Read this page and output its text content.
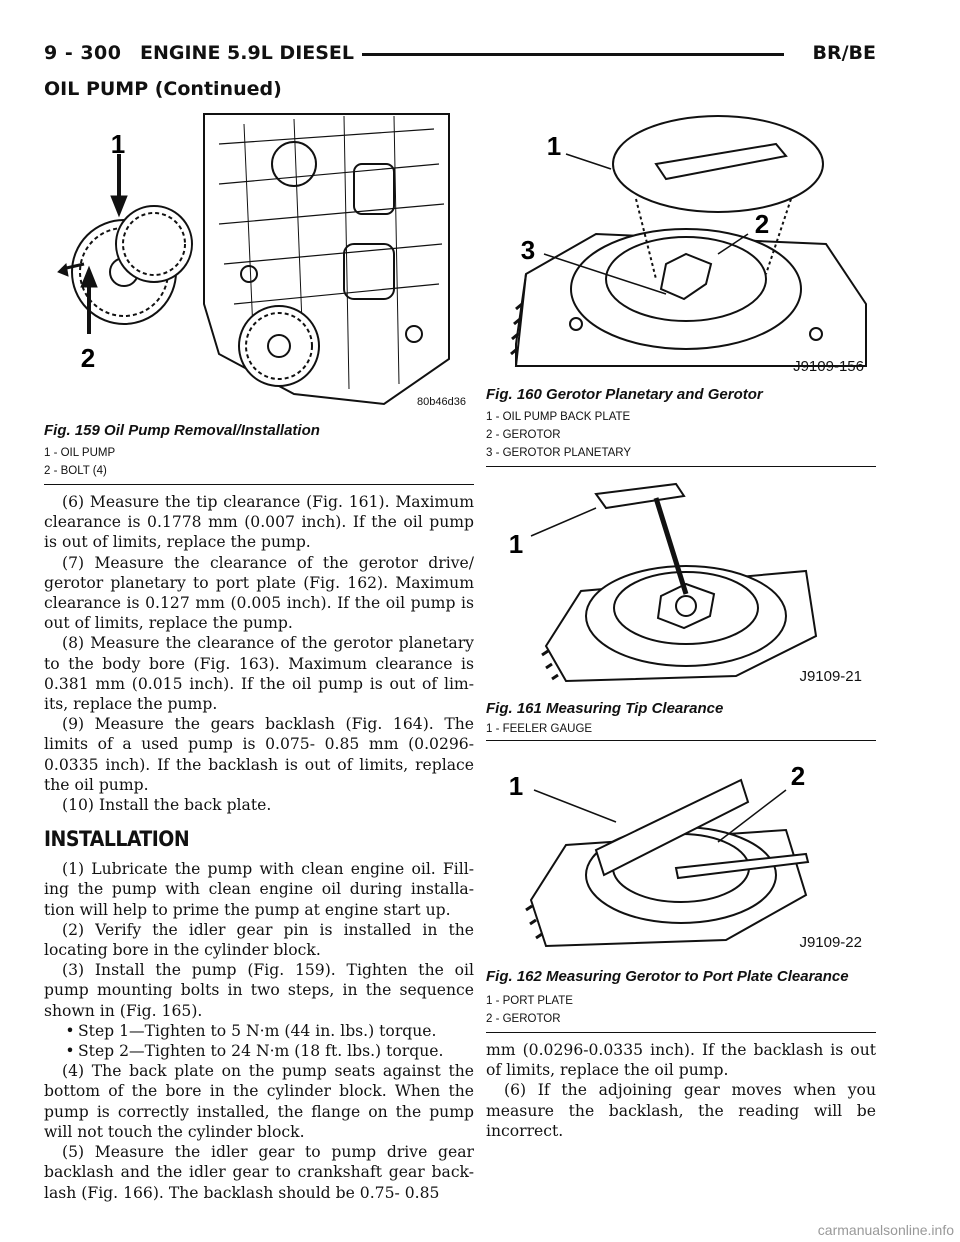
9 - 300 ENGINE 5.9L DIESEL	BR/BE
OIL PUMP (Continued)
80b46d36
1
2
Fig. 159 Oil Pump Removal/Installation
1 - OIL PUMP
2 - BOLT (4)
1
2
3
J9109-156
Fig. 160 Gerotor Planetary and Gerotor
1 - OIL PUMP BACK PLATE
2 - GEROTOR
3 - GEROTOR PLANETARY
1
J9109-21
Fig. 161 Measuring Tip Clearance
1 - FEELER GAUGE
1	2
J9109-22
Fig. 162 Measuring Gerotor to Port Plate Clearance
1 - PORT PLATE
2 - GEROTOR

(6) Measure the tip clearance (Fig. 161). Maximum clearance is 0.1778 mm (0.007 inch). If the oil pump is out of limits, replace the pump.

(7) Measure the clearance of the gerotor drive/ gerotor planetary to port plate (Fig. 162). Maximum clearance is 0.127 mm (0.005 inch). If the oil pump is out of limits, replace the pump.

(8) Measure the clearance of the gerotor planetary to the body bore (Fig. 163). Maximum clearance is 0.381 mm (0.015 inch). If the oil pump is out of lim- its, replace the pump.

(9) Measure the gears backlash (Fig. 164). The limits of a used pump is 0.075- 0.85 mm (0.0296- 0.0335 inch). If the backlash is out of limits, replace the oil pump.

(10) Install the back plate.

INSTALLATION

(1) Lubricate the pump with clean engine oil. Fill- ing the pump with clean engine oil during installa- tion will help to prime the pump at engine start up.

(2) Verify the idler gear pin is installed in the locating bore in the cylinder block.

(3) Install the pump (Fig. 159). Tighten the oil pump mounting bolts in two steps, in the sequence shown in (Fig. 165).

• Step 1—Tighten to 5 N·m (44 in. lbs.) torque.

• Step 2—Tighten to 24 N·m (18 ft. lbs.) torque.

(4) The back plate on the pump seats against the bottom of the bore in the cylinder block. When the pump is correctly installed, the flange on the pump will not touch the cylinder block.

(5) Measure the idler gear to pump drive gear backlash and the idler gear to crankshaft gear back- lash (Fig. 166). The backlash should be 0.75- 0.85

mm (0.0296-0.0335 inch). If the backlash is out of limits, replace the oil pump.

(6) If the adjoining gear moves when you measure the backlash, the reading will be incorrect.

carmanualsonline.info
